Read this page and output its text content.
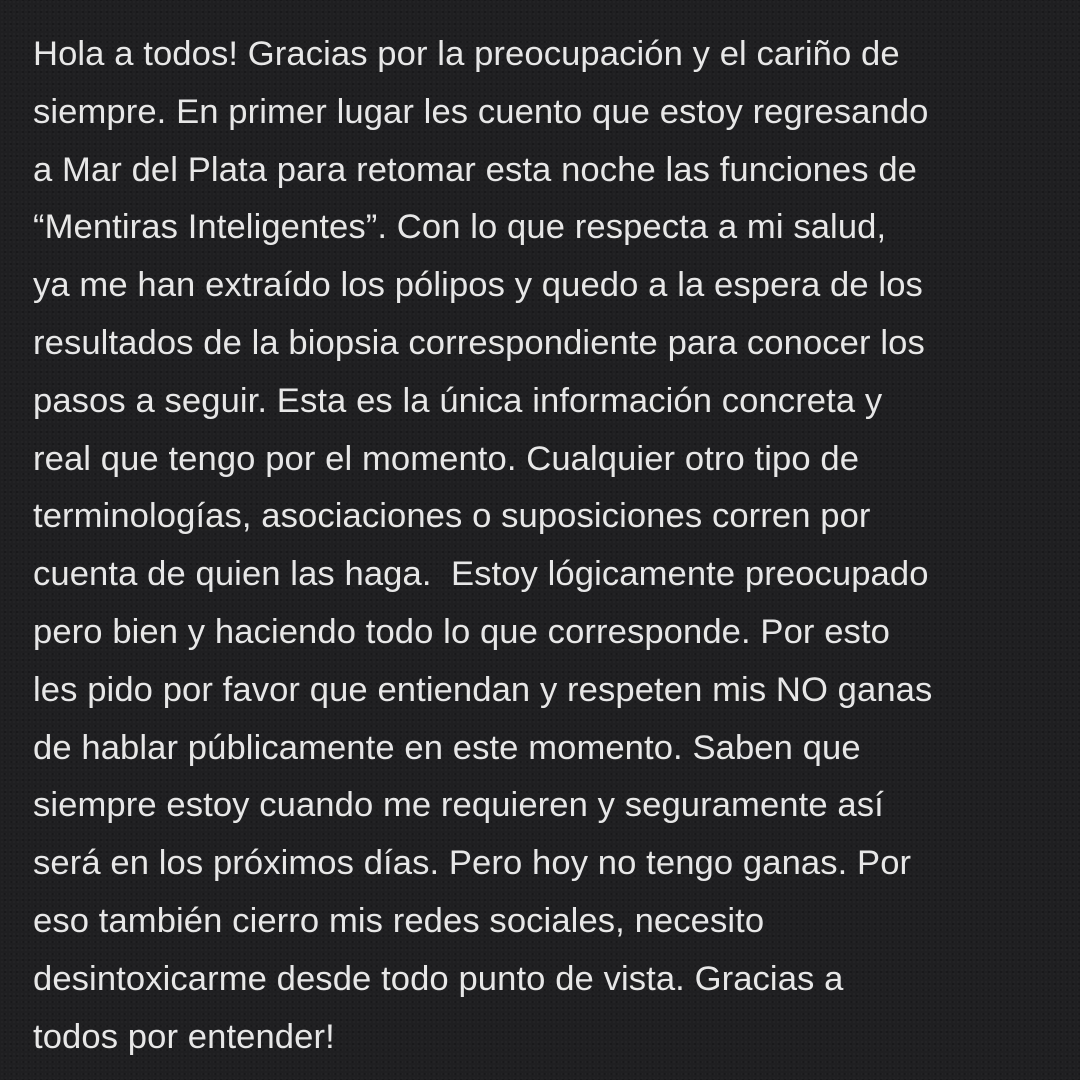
Hola a todos! Gracias por la preocupación y el cariño de
siempre. En primer lugar les cuento que estoy regresando
a Mar del Plata para retomar esta noche las funciones de
“Mentiras Inteligentes”. Con lo que respecta a mi salud,
ya me han extraído los pólipos y quedo a la espera de los
resultados de la biopsia correspondiente para conocer los
pasos a seguir. Esta es la única información concreta y
real que tengo por el momento. Cualquier otro tipo de
terminologías, asociaciones o suposiciones corren por
cuenta de quien las haga.  Estoy lógicamente preocupado
pero bien y haciendo todo lo que corresponde. Por esto
les pido por favor que entiendan y respeten mis NO ganas
de hablar públicamente en este momento. Saben que
siempre estoy cuando me requieren y seguramente así
será en los próximos días. Pero hoy no tengo ganas. Por
eso también cierro mis redes sociales, necesito
desintoxicarme desde todo punto de vista. Gracias a
todos por entender!
